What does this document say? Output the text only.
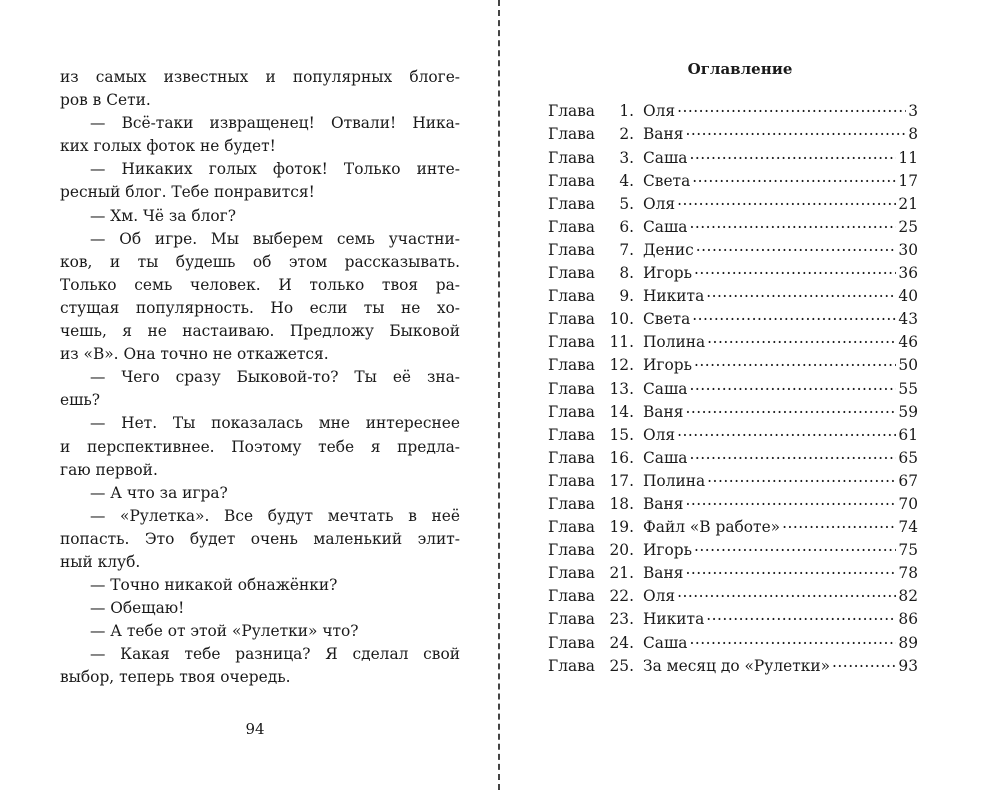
из самых известных и популярных блоге-
ров в Сети.
— Всё-таки извращенец! Отвали! Ника-
ких голых фоток не будет!
— Никаких голых фоток! Только инте-
ресный блог. Тебе понравится!
— Хм. Чё за блог?
— Об игре. Мы выберем семь участни-
ков, и ты будешь об этом рассказывать.
Только семь человек. И только твоя ра-
стущая популярность. Но если ты не хо-
чешь, я не настаиваю. Предложу Быковой
из «В». Она точно не откажется.
— Чего сразу Быковой-то? Ты её зна-
ешь?
— Нет. Ты показалась мне интереснее
и перспективнее. Поэтому тебе я предла-
гаю первой.
— А что за игра?
— «Рулетка». Все будут мечтать в неё
попасть. Это будет очень маленький элит-
ный клуб.
— Точно никакой обнажёнки?
— Обещаю!
— А тебе от этой «Рулетки» что?
— Какая тебе разница? Я сделал свой
выбор, теперь твоя очередь.

94
Оглавление
Глава	1. Оля .....	3
Глава	2. Ваня .....	8
Глава	3. Саша .....	11
Глава	4. Света .....	17
Глава	5. Оля .....	21
Глава	6. Саша .....	25
Глава	7. Денис .....	30
Глава	8. Игорь .....	36
Глава	9. Никита .....	40
Глава 10. Света .....	43
Глава 11. Полина .....	46
Глава 12. Игорь .....	50
Глава 13. Саша .....	55
Глава 14. Ваня .....	59
Глава 15. Оля .....	61
Глава 16. Саша .....	65
Глава 17. Полина .....	67
Глава 18. Ваня .....	70
Глава 19. Файл «В работе» .....	74
Глава 20. Игорь .....	75
Глава 21. Ваня .....	78
Глава 22. Оля .....	82
Глава 23. Никита .....	86
Глава 24. Саша .....	89
Глава 25. За месяц до «Рулетки» .....	93
